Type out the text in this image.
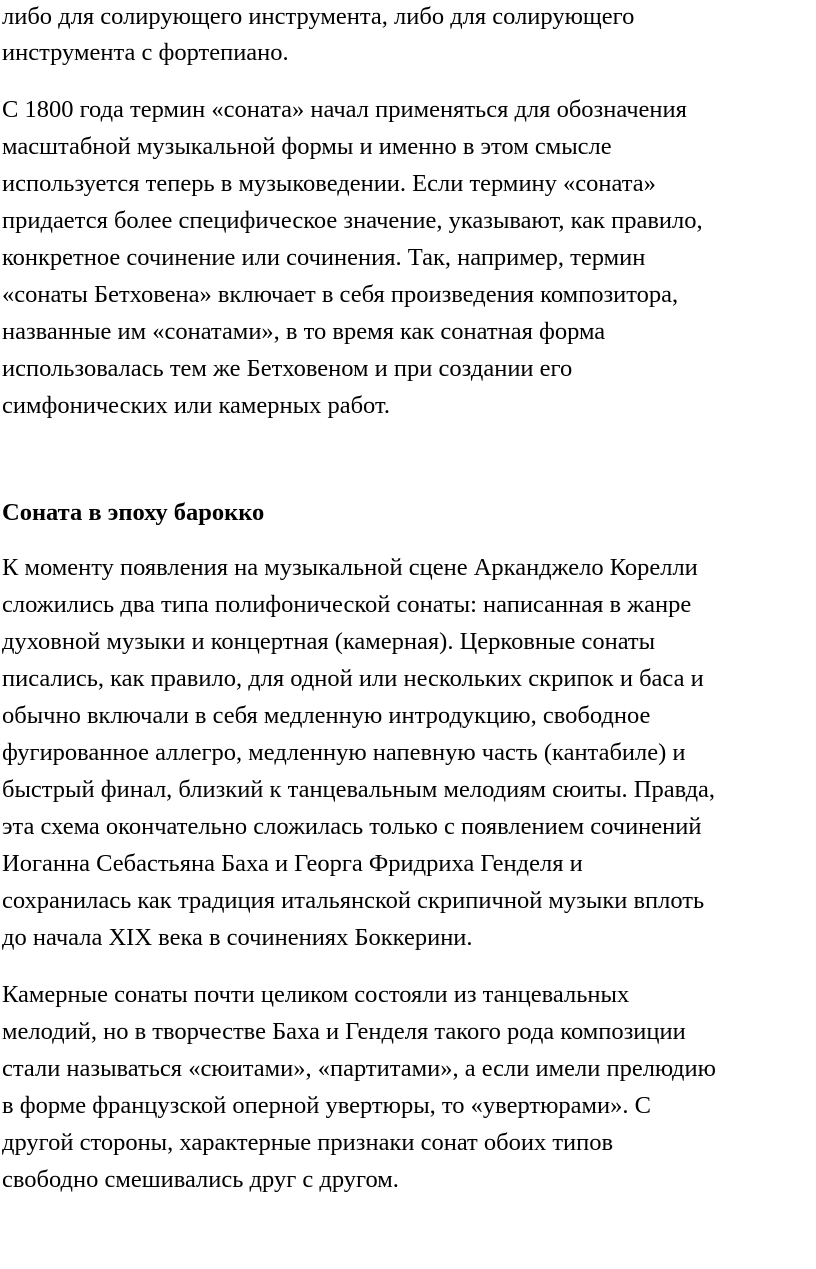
либо для солирующего инструмента, либо для солирующего
инструмента с фортепиано.
С 1800 года термин «соната» начал применяться для обозначения
масштабной музыкальной формы и именно в этом смысле
используется теперь в музыковедении. Если термину «соната»
придается более специфическое значение, указывают, как правило,
конкретное сочинение или сочинения. Так, например, термин
«сонаты Бетховена» включает в себя произведения композитора,
названные им «сонатами», в то время как сонатная форма
использовалась тем же Бетховеном и при создании его
симфонических или камерных работ.
Соната в эпоху барокко
К моменту появления на музыкальной сцене Арканджело Корелли
сложились два типа полифонической сонаты: написанная в жанре
духовной музыки и концертная (камерная). Церковные сонаты
писались, как правило, для одной или нескольких скрипок и баса и
обычно включали в себя медленную интродукцию, свободное
фугированное аллегро, медленную напевную часть (кантабиле) и
быстрый финал, близкий к танцевальным мелодиям сюиты. Правда,
эта схема окончательно сложилась только с появлением сочинений
Иоганна Себастьяна Баха и Георга Фридриха Генделя и
сохранилась как традиция итальянской скрипичной музыки вплоть
до начала XIX века в сочинениях Боккерини.
Камерные сонаты почти целиком состояли из танцевальных
мелодий, но в творчестве Баха и Генделя такого рода композиции
стали называться «сюитами», «партитами», а если имели прелюдию
в форме французской оперной увертюры, то «увертюрами». С
другой стороны, характерные признаки сонат обоих типов
свободно смешивались друг с другом.
